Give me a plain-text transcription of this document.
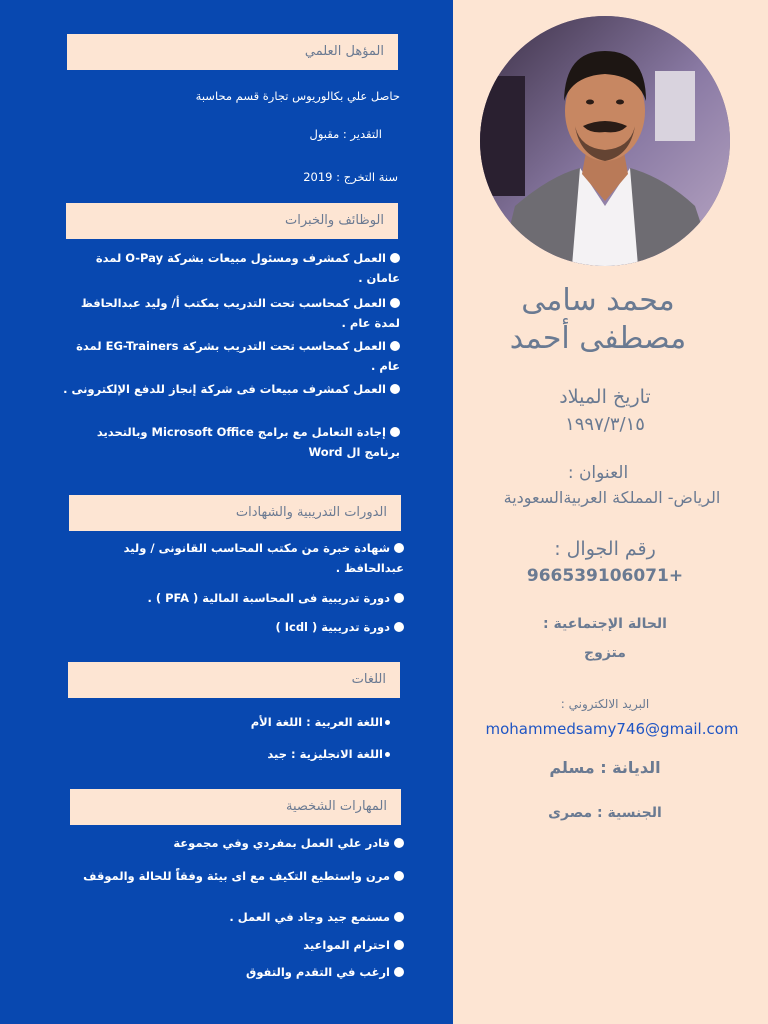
المؤهل العلمي
حاصل علي بكالوريوس تجارة قسم محاسبة
التقدير : مقبول
سنة التخرج : 2019
الوظائف والخبرات
العمل كمشرف ومسئول مبيعات بشركة O-Pay لمدة عامان .
العمل كمحاسب تحت التدريب بمكتب أ/ وليد عبدالحافظ لمدة عام .
العمل كمحاسب تحت التدريب بشركة EG-Trainers لمدة عام .
العمل كمشرف مبيعات فى شركة إنجاز للدفع الإلكترونى .
إجادة التعامل مع برامج Microsoft Office وبالتحديد برنامج ال Word
الدورات التدريبية والشهادات
شهادة خبرة من مكتب المحاسب القانونى / وليد عبدالحافظ .
دورة تدريبية فى المحاسبة المالية ( PFA ) .
دورة تدريبية ( Icdl )
اللغات
اللغة العربية : اللغة الأم
اللغة الانجليزية : جيد
المهارات الشخصية
قادر علي العمل بمفردي وفي مجموعة
مرن واستطيع التكيف مع اى بيئة وفقاًً للحالة والموقف
مستمع جيد وجاد في العمل .
احترام المواعيد
ارغب في التقدم والتفوق
محمد سامى
مصطفى أحمد
تاريخ الميلاد
١٩٩٧/٣/١٥
العنوان :
الرياض- المملكة العربيةالسعودية
رقم الجوال :
+966539106071
الحالة الإجتماعية :
متزوج
البريد الالكتروني :
mohammedsamy746@gmail.com
الديانة : مسلم
الجنسية : مصرى
